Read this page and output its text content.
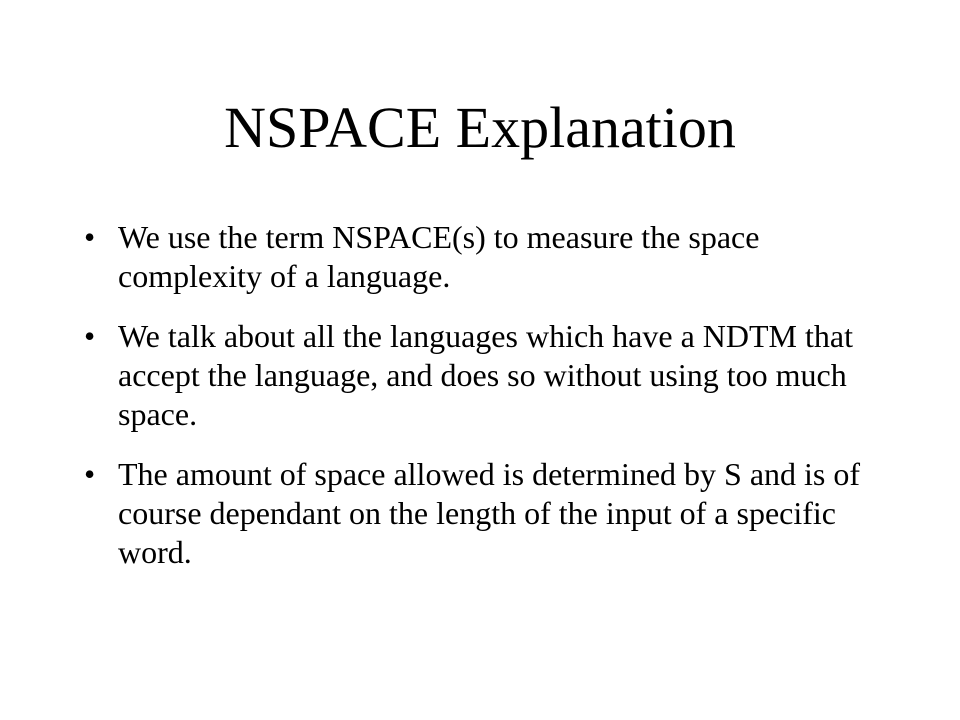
NSPACE Explanation
• We use the term NSPACE(s) to measure the space complexity of a language.
• We talk about all the languages which have a NDTM that accept the language, and does so without using too much space.
• The amount of space allowed is determined by S and is of course dependant on the length of the input of a specific word.
